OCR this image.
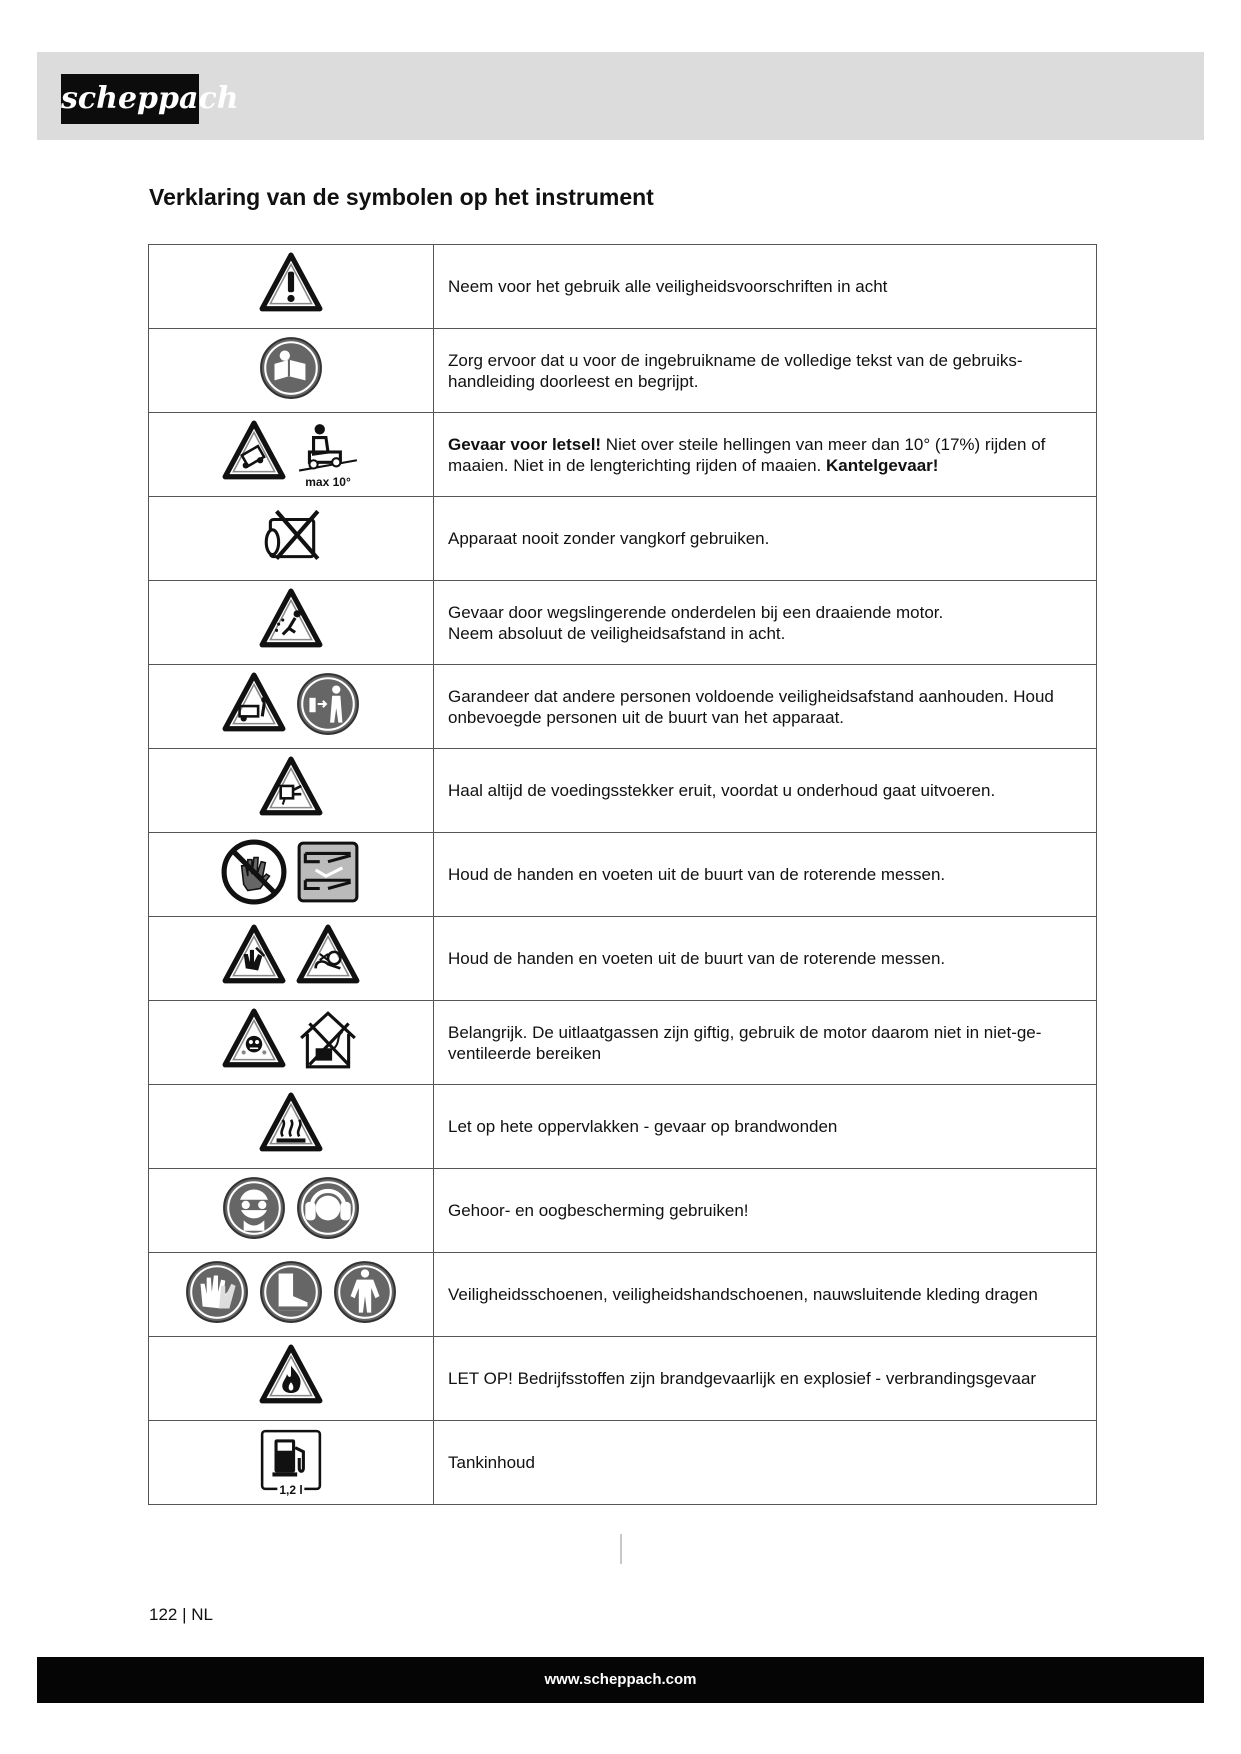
scheppach
Verklaring van de symbolen op het instrument
	Neem voor het gebruik alle veiligheidsvoorschriften in acht

	Zorg ervoor dat u voor de ingebruikname de volledige tekst van de gebruiks-handleiding doorleest en begrijpt.

max 10°	Gevaar voor letsel! Niet over steile hellingen van meer dan 10° (17%) rijden of maaien. Niet in de lengterichting rijden of maaien. Kantelgevaar!

	Apparaat nooit zonder vangkorf gebruiken.

	Gevaar door wegslingerende onderdelen bij een draaiende motor.
Neem absoluut de veiligheidsafstand in acht.

	Garandeer dat andere personen voldoende veiligheidsafstand aanhouden. Houd onbevoegde personen uit de buurt van het apparaat.

	Haal altijd de voedingsstekker eruit, voordat u onderhoud gaat uitvoeren.

	Houd de handen en voeten uit de buurt van de roterende messen.

	Houd de handen en voeten uit de buurt van de roterende messen.

	Belangrijk. De uitlaatgassen zijn giftig, gebruik de motor daarom niet in niet-ge-ventileerde bereiken

	Let op hete oppervlakken - gevaar op brandwonden

	Gehoor- en oogbescherming gebruiken!

	Veiligheidsschoenen, veiligheidshandschoenen, nauwsluitende kleding dragen

	LET OP! Bedrijfsstoffen zijn brandgevaarlijk en explosief - verbrandingsgevaar

1,2 l	Tankinhoud
122 | NL
www.scheppach.com
